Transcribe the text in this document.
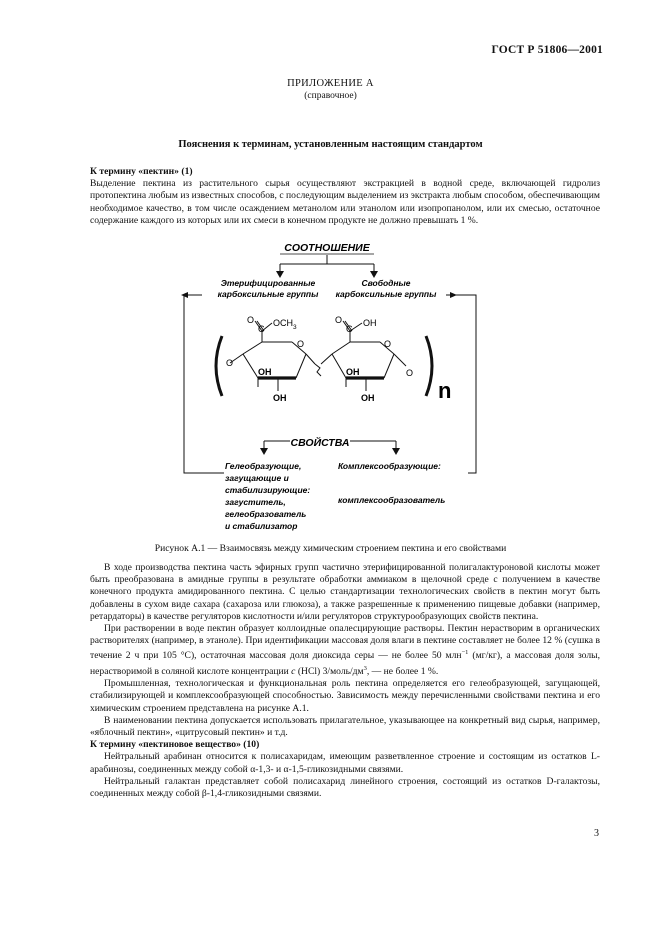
ГОСТ Р 51806—2001
ПРИЛОЖЕНИЕ А
(справочное)
Пояснения к терминам, установленным настоящим стандартом
К термину «пектин» (1)

Выделение пектина из растительного сырья осуществляют экстракцией в водной среде, включающей гидролиз протопектина любым из известных способов, с последующим выделением из экстракта любым способом, обеспечивающим необходимое качество, в том числе осаждением метанолом или этанолом или изопропанолом, или их смесью, остаточное содержание каждого из которых или их смеси в конечном продукте не должно превышать 1 %.

СООТНОШЕНИЕ
Этерифицированные
карбоксильные группы
Свободные
карбоксильные группы
n
O
O
O
C
$OCH_3$
OH
OH
O
O
C
OH
OH
OH
O
СВОЙСТВА
Гелеобразующие,
загущающие и
стабилизирующие:
загуститель,
гелеобразователь
и стабилизатор
Комплексообразующие:
комплексообразователь
Рисунок А.1 — Взаимосвязь между химическим строением пектина и его свойствами

В ходе производства пектина часть эфирных групп частично этерифицированной полигалактуроновой кислоты может быть преобразована в амидные группы в результате обработки аммиаком в щелочной среде с получением в качестве конечного продукта амидированного пектина. С целью стандартизации технологических свойств в пектин могут быть добавлены в сухом виде сахара (сахароза или глюкоза), а также разрешенные к применению пищевые добавки (например, ретардаторы) в качестве регуляторов кислотности и/или регуляторов структурообразующих свойств пектина.

При растворении в воде пектин образует коллоидные опалесцирующие растворы. Пектин нерастворим в органических растворителях (например, в этаноле). При идентификации массовая доля влаги в пектине составляет не более 12 % (сушка в течение 2 ч при 105 °С), остаточная массовая доля диоксида серы — не более 50 млн$^{-1}$ (мг/кг), а массовая доля золы, нерастворимой в соляной кислоте концентрации c (HCl) $3/моль/дм^3$, — не более 1 %.

Промышленная, технологическая и функциональная роль пектина определяется его гелеобразующей, загущающей, стабилизирующей и комплексообразующей способностью. Зависимость между перечисленными свойствами пектина и его химическим строением представлена на рисунке А.1.

В наименовании пектина допускается использовать прилагательное, указывающее на конкретный вид сырья, например, «яблочный пектин», «цитрусовый пектин» и т.д.

К термину «пектиновое вещество» (10)

Нейтральный арабинан относится к полисахаридам, имеющим разветвленное строение и состоящим из остатков L-арабинозы, соединенных между собой α-1,3- и α-1,5-гликозидными связями.

Нейтральный галактан представляет собой полисахарид линейного строения, состоящий из остатков D-галактозы, соединенных между собой β-1,4-гликозидными связями.

3
